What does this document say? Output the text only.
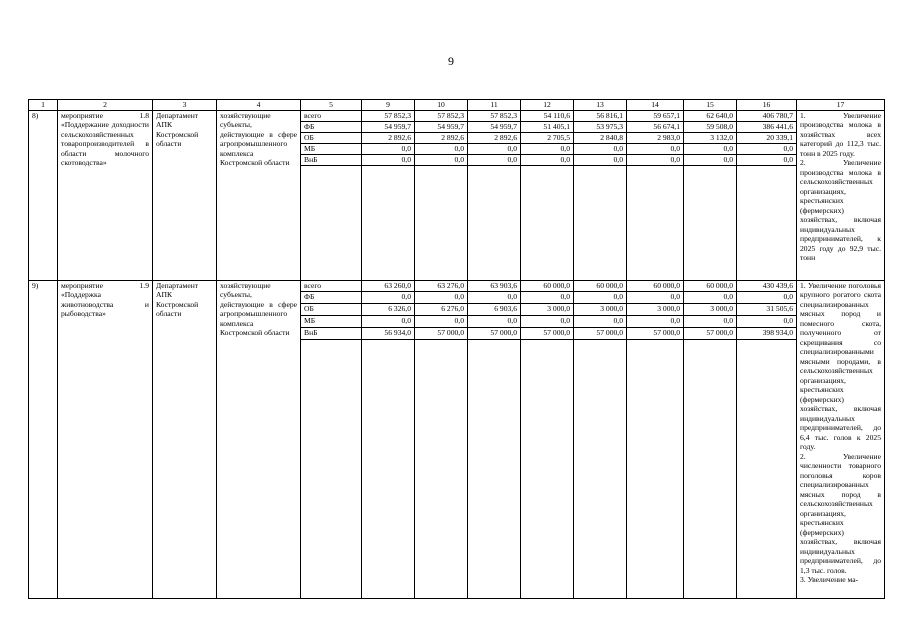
9
1	2	3	4	5	9	10	11	12	13	14	15	16	17
8)	мероприятие 1.8 «Поддержание доходности сельскохозяйственных товаропроизводителей в области молочного скотоводства»	Департамент АПК Костромской области	хозяйствующие субъекты, действующие в сфере агропромышленного комплекса Костромской области	всего	57 852,3	57 852,3	57 852,3	54 110,6	56 816,1	59 657,1	62 640,0	406 780,7	1. Увеличение производства молока в хозяйствах всех категорий до 112,3 тыс. тонн в 2025 году.
2. Увеличение производства молока в сельскохозяйственных организациях, крестьянских (фермерских) хозяйствах, включая индивидуальных предпринимателей, к 2025 году до 92,9 тыс. тонн
				ФБ	54 959,7	54 959,7	54 959,7	51 405,1	53 975,3	56 674,1	59 508,0	386 441,6	
				ОБ	2 892,6	2 892,6	2 892,6	2 705,5	2 840,8	2 983,0	3 132,0	20 339,1	
				МБ	0,0	0,0	0,0	0,0	0,0	0,0	0,0	0,0	
				ВнБ	0,0	0,0	0,0	0,0	0,0	0,0	0,0	0,0	

9)	мероприятие 1.9 «Поддержка животноводства и рыбоводства»	Департамент АПК Костромской области	хозяйствующие субъекты, действующие в сфере агропромышленного комплекса Костромской области	всего	63 260,0	63 276,0	63 903,6	60 000,0	60 000,0	60 000,0	60 000,0	430 439,6	1. Увеличение поголовья крупного рогатого скота специализированных мясных пород и помесного скота, полученного от скрещивания со специализированными мясными породами, в сельскохозяйственных организациях, крестьянских (фермерских) хозяйствах, включая индивидуальных предпринимателей, до 6,4 тыс. голов к 2025 году.
2. Увеличение численности товарного поголовья коров специализированных мясных пород в сельскохозяйственных организациях, крестьянских (фермерских) хозяйствах, включая индивидуальных предпринимателей, до 1,3 тыс. голов.
3. Увеличение ма-
				ФБ	0,0	0,0	0,0	0,0	0,0	0,0	0,0	0,0	
				ОБ	6 326,0	6 276,0	6 903,6	3 000,0	3 000,0	3 000,0	3 000,0	31 505,6	
				МБ	0,0	0,0	0,0	0,0	0,0	0,0	0,0	0,0	
				ВнБ	56 934,0	57 000,0	57 000,0	57 000,0	57 000,0	57 000,0	57 000,0	398 934,0	
